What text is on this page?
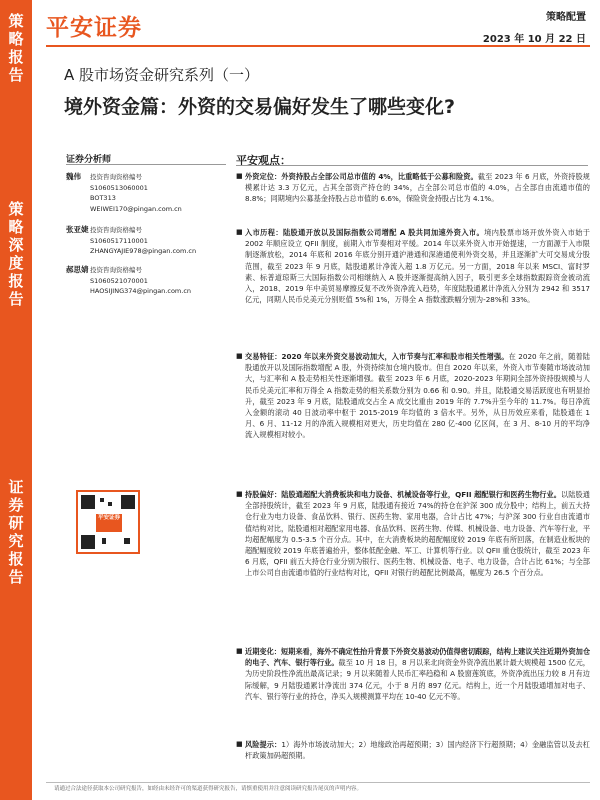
策
略
报
告
策
略
深
度
报
告
证
券
研
究
报
告
平安证券	策略配置
2023 年 10 月 22 日
A 股市场资金研究系列（一）
境外资金篇：外资的交易偏好发生了哪些变化?
证券分析师
魏伟 投资咨询资格编号
S1060513060001
BOT313
WEIWEI170@pingan.com.cn
张亚婕 投资咨询资格编号
S1060517110001
ZHANGYAJIE978@pingan.com.cn
郝思婧 投资咨询资格编号
S1060521070001
HAOSIJING374@pingan.com.cn
平安证券
平安观点：
■ 外资定位：外资持股占全部公司总市值的 4%，比重略低于公募和险资。截至 2023 年 6 月底，外资持股规模累计达 3.3 万亿元，占其全部资产持仓的 34%，占全部公司总市值的 4.0%，占全部自由流通市值的 8.8%；同期境内公募基金持股占总市值的 6.6%，保险资金持股占比为 4.1%。
■ 入市历程：陆股通开放以及国际指数公司增配 A 股共同加速外资入市。境内股票市场开放外资入市始于 2002 年顺应设立 QFII 制度，前期入市节奏相对平缓。2014 年以来外资入市开始提速，一方面源于入市限制逐渐放松，2014 年底和 2016 年底分别开通沪港通和深港通使利外资交易，并且逐渐扩大可交易成分股范围，截至 2023 年 9 月底，陆股通累计净流入超 1.8 万亿元。另一方面，2018 年以来 MSCI、富时罗素、标普道琼斯三大国际指数公司相继纳入 A 股并逐渐提高纳入因子，吸引更多全球指数跟踪资金被动流入，2018、2019 年中美贸易摩擦反复不改外资净流入趋势，年度陆股通累计净流入分别为 2942 和 3517 亿元，同期人民币兑美元分别贬值 5%和 1%，万得全 A 指数涨跌幅分别为-28%和 33%。
■ 交易特征：2020 年以来外资交易波动加大，入市节奏与汇率和股市相关性增强。在 2020 年之前，随着陆股通放开以及国际指数增配 A 股，外资持续加仓境内股市。但自 2020 年以来，外资入市节奏随市场波动加大，与汇率和 A 股走势相关性逐渐增强。截至 2023 年 6 月底，2020-2023 年期间全部外资持股规模与人民币兑美元汇率和万得全 A 指数走势的相关系数分别为 0.66 和 0.90。并且，陆股通交易活跃度也有明显抬升，截至 2023 年 9 月底，陆股通成交占全 A 成交比重由 2019 年的 7.7%升至今年的 11.7%。每日净流入金额的滚动 40 日波动率中枢于 2015-2019 年均值的 3 倍水平。另外，从日历效应来看，陆股通在 1 月、6 月、11-12 月的净流入规模相对更大，历史均值在 280 亿-400 亿区间，在 3 月、8-10 月的平均净流入规模相对较小。
■ 持股偏好：陆股通超配大消费板块和电力设备、机械设备等行业，QFII 超配银行和医药生物行业。以陆股通全部持股统计，截至 2023 年 9 月底，陆股通有接近 74%的持仓在沪深 300 成分股中；结构上，前五大持仓行业为电力设备、食品饮料、银行、医药生物、家用电器，合计占比 47%；与沪深 300 行业自由流通市值结构对比，陆股通相对超配家用电器、食品饮料、医药生物、传媒、机械设备、电力设备、汽车等行业，平均超配幅度为 0.5-3.5 个百分点。其中，在大消费板块的超配幅度较 2019 年底有所回落，在制造业板块的超配幅度较 2019 年底普遍抬升，整体低配金融、军工、计算机等行业。以 QFII 重仓股统计，截至 2023 年 6 月底，QFII 前五大持仓行业分别为银行、医药生物、机械设备、电子、电力设备，合计占比 61%；与全部上市公司自由流通市值的行业结构对比，QFII 对银行的超配比例最高，幅度为 26.5 个百分点。
■ 近期变化：短期来看，海外不确定性抬升背景下外资交易波动仍值得密切跟踪，结构上建议关注近期外资加仓的电子、汽车、银行等行业。截至 10 月 18 日，8 月以来北向资金外资净流出累计最大规模超 1500 亿元，为历史阶段性净流出最高记录；9 月以来随着人民币汇率趋稳和 A 股窗莲筑底，外资净流出压力较 8 月有边际缓解，9 月陆股通累计净流出 374 亿元，小于 8 月的 897 亿元。结构上，近一个月陆股通增加对电子、汽车、银行等行业的持仓，净买入规模测算平均在 10-40 亿元不等。
■ 风险提示：1）海外市场波动加大；2）地缘政治再超预期；3）国内经济下行超预期；4）金融监管以及去杠杆政策加码超预期。
请通过合法途径获取本公司研究报告，如经由未经许可的渠道获得研究报告，请慎重使用并注意阅读研究报告尾页的声明内容。
